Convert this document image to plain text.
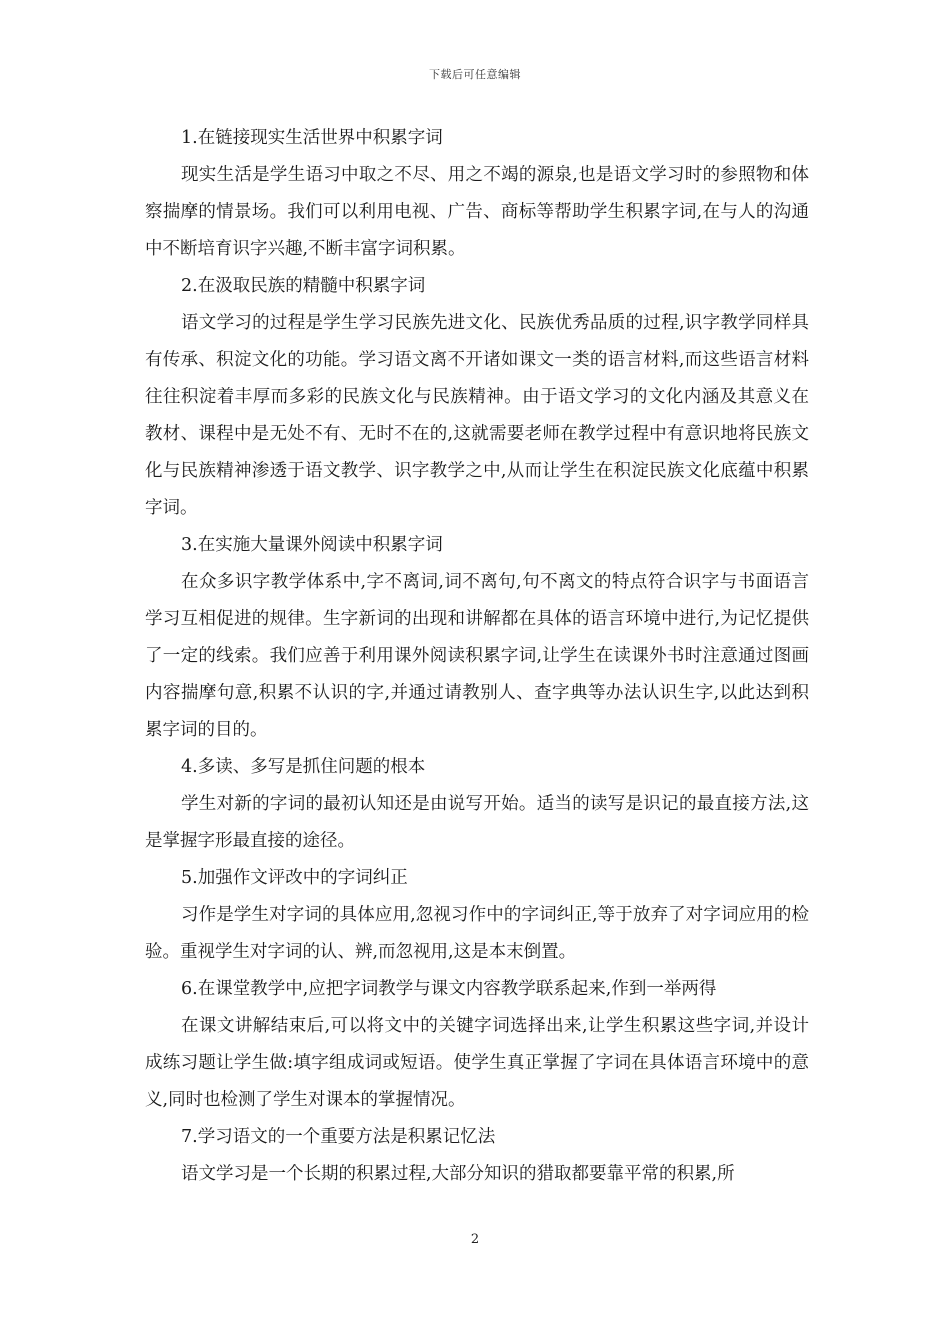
下载后可任意编辑

1.在链接现实生活世界中积累字词

现实生活是学生语习中取之不尽、用之不竭的源泉,也是语文学习时的参照物和体察揣摩的情景场。我们可以利用电视、广告、商标等帮助学生积累字词,在与人的沟通中不断培育识字兴趣,不断丰富字词积累。

2.在汲取民族的精髓中积累字词

语文学习的过程是学生学习民族先进文化、民族优秀品质的过程,识字教学同样具有传承、积淀文化的功能。学习语文离不开诸如课文一类的语言材料,而这些语言材料往往积淀着丰厚而多彩的民族文化与民族精神。由于语文学习的文化内涵及其意义在教材、课程中是无处不有、无时不在的,这就需要老师在教学过程中有意识地将民族文化与民族精神渗透于语文教学、识字教学之中,从而让学生在积淀民族文化底蕴中积累字词。

3.在实施大量课外阅读中积累字词

在众多识字教学体系中,字不离词,词不离句,句不离文的特点符合识字与书面语言学习互相促进的规律。生字新词的出现和讲解都在具体的语言环境中进行,为记忆提供了一定的线索。我们应善于利用课外阅读积累字词,让学生在读课外书时注意通过图画内容揣摩句意,积累不认识的字,并通过请教别人、查字典等办法认识生字,以此达到积累字词的目的。

4.多读、多写是抓住问题的根本

学生对新的字词的最初认知还是由说写开始。适当的读写是识记的最直接方法,这是掌握字形最直接的途径。

5.加强作文评改中的字词纠正

习作是学生对字词的具体应用,忽视习作中的字词纠正,等于放弃了对字词应用的检验。重视学生对字词的认、辨,而忽视用,这是本末倒置。

6.在课堂教学中,应把字词教学与课文内容教学联系起来,作到一举两得

在课文讲解结束后,可以将文中的关键字词选择出来,让学生积累这些字词,并设计成练习题让学生做:填字组成词或短语。使学生真正掌握了字词在具体语言环境中的意义,同时也检测了学生对课本的掌握情况。

7.学习语文的一个重要方法是积累记忆法

语文学习是一个长期的积累过程,大部分知识的猎取都要靠平常的积累,所

2
